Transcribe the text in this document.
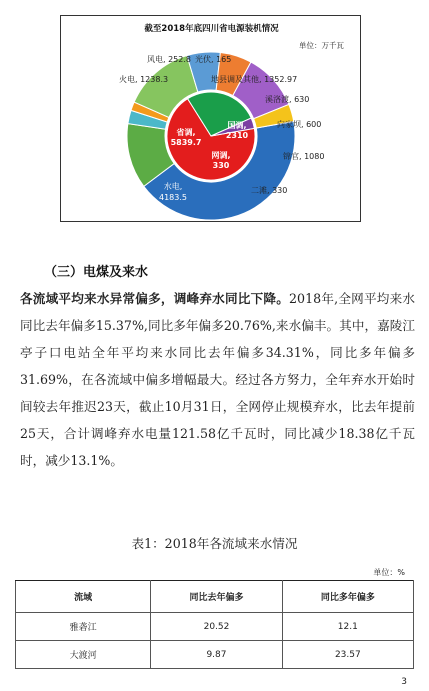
水电,
4183.5
火电, 1238.3
风电, 252.8 光伏, 165
地县调及其他, 1352.97
溪洛渡, 630
向家坝, 600
锦官, 1080
二滩, 330
省调,
5839.7
国调,
2310
网调,
330
截至2018年底四川省电源装机情况
单位：万千瓦
（三）电煤及来水
各流域平均来水异常偏多，调峰弃水同比下降。2018年,全网平均来水同比去年偏多15.37%,同比多年偏多20.76%,来水偏丰。其中，嘉陵江亭子口电站全年平均来水同比去年偏多34.31%，同比多年偏多31.69%，在各流域中偏多增幅最大。经过各方努力，全年弃水开始时间较去年推迟23天，截止10月31日，全网停止规模弃水，比去年提前25天，合计调峰弃水电量121.58亿千瓦时，同比减少18.38亿千瓦时，减少13.1%。
表1：2018年各流域来水情况
单位：%
流域	同比去年偏多	同比多年偏多
雅砻江	20.52	12.1
大渡河	9.87	23.57
3
